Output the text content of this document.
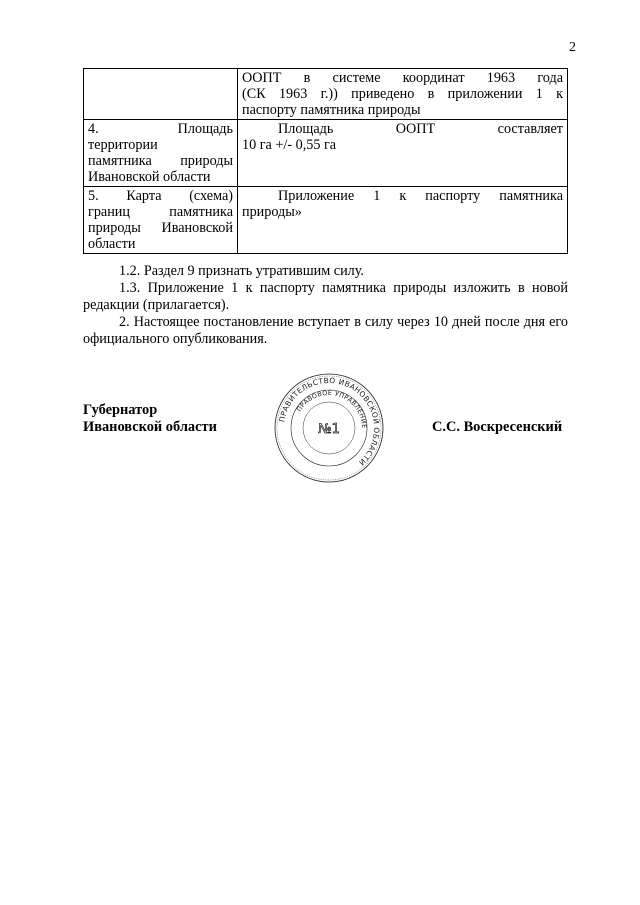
2

	ООПТ в системе координат 1963 года
(СК 1963 г.)) приведено в приложении 1 к
паспорту памятника природы

4. Площадь
территории
памятника природы
Ивановской области	Площадь ООПТ составляет
10 га +/- 0,55 га

5. Карта (схема)
границ памятника
природы Ивановской
области	Приложение 1 к паспорту памятника
природы»

1.2. Раздел 9 признать утратившим силу.

1.3. Приложение 1 к паспорту памятника природы изложить в новой редакции (прилагается).

2. Настоящее постановление вступает в силу через 10 дней после дня его официального опубликования.

Губернатор
Ивановской области
ПРАВИТЕЛЬСТВО ИВАНОВСКОЙ ОБЛАСТИ
ПРАВОВОЕ УПРАВЛЕНИЕ
№1	С.С. Воскресенский
